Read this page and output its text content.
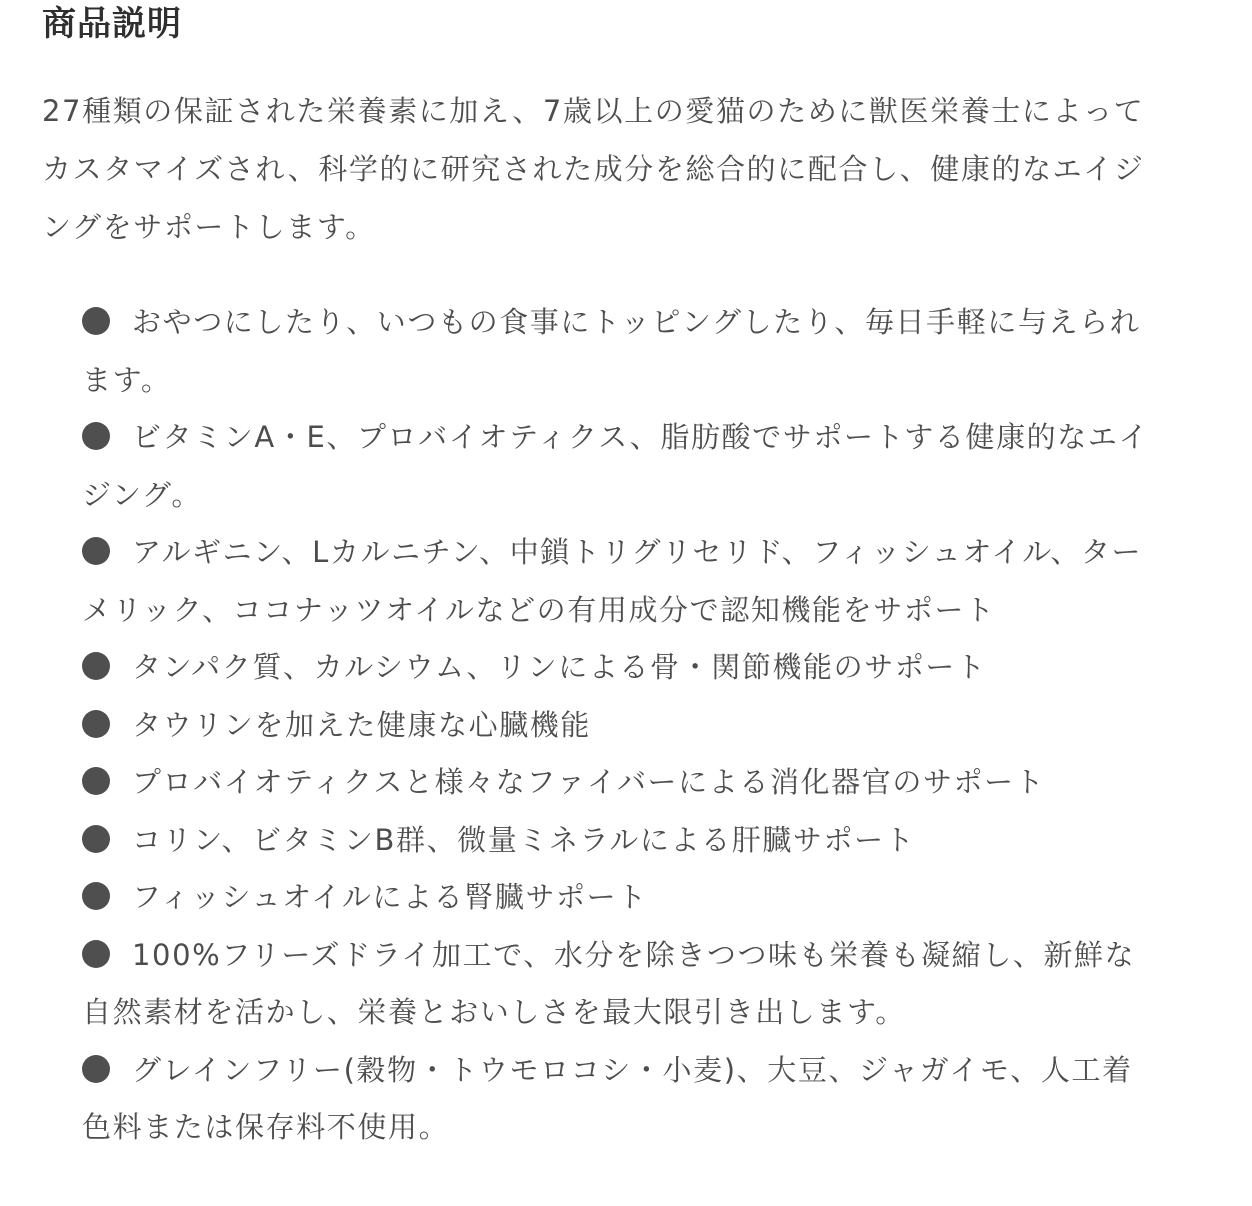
商品説明

27種類の保証された栄養素に加え、7歳以上の愛猫のために獣医栄養士によってカスタマイズされ、科学的に研究された成分を総合的に配合し、健康的なエイジングをサポートします。

おやつにしたり、いつもの食事にトッピングしたり、毎日手軽に与えられます。
ビタミンA・E、プロバイオティクス、脂肪酸でサポートする健康的なエイジング。
アルギニン、Lカルニチン、中鎖トリグリセリド、フィッシュオイル、ターメリック、ココナッツオイルなどの有用成分で認知機能をサポート
タンパク質、カルシウム、リンによる骨・関節機能のサポート
タウリンを加えた健康な心臓機能
プロバイオティクスと様々なファイバーによる消化器官のサポート
コリン、ビタミンB群、微量ミネラルによる肝臓サポート
フィッシュオイルによる腎臓サポート
100%フリーズドライ加工で、水分を除きつつ味も栄養も凝縮し、新鮮な自然素材を活かし、栄養とおいしさを最大限引き出します。
グレインフリー(穀物・トウモロコシ・小麦)、大豆、ジャガイモ、人工着色料または保存料不使用。
